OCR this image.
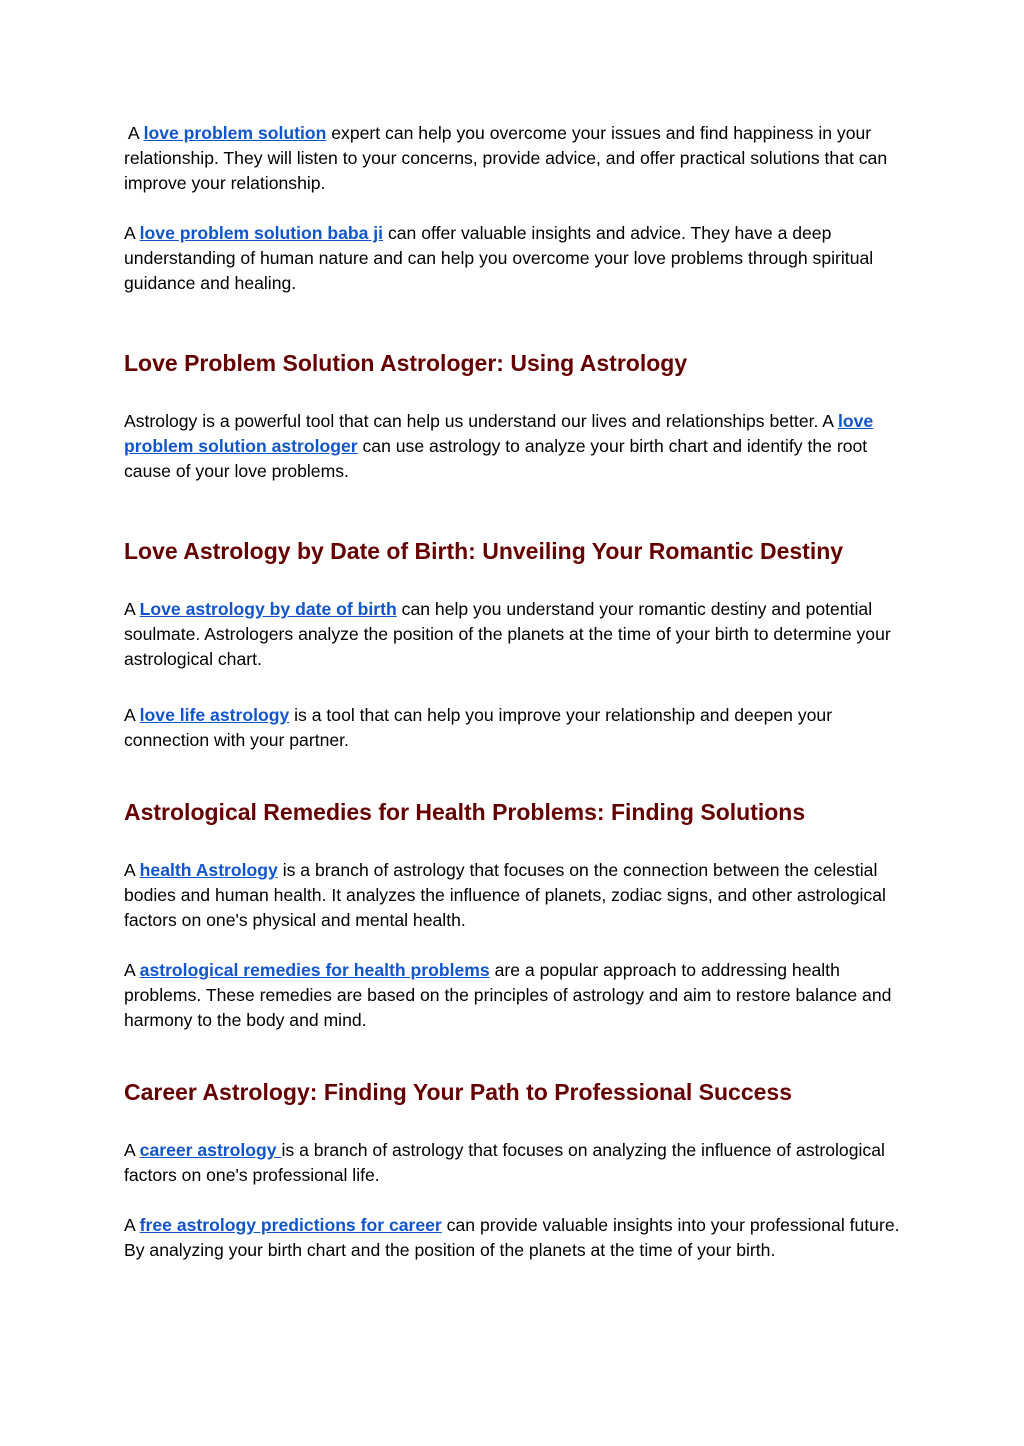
A love problem solution expert can help you overcome your issues and find happiness in your relationship. They will listen to your concerns, provide advice, and offer practical solutions that can improve your relationship.

A love problem solution baba ji can offer valuable insights and advice. They have a deep understanding of human nature and can help you overcome your love problems through spiritual guidance and healing.

Love Problem Solution Astrologer: Using Astrology

Astrology is a powerful tool that can help us understand our lives and relationships better. A love problem solution astrologer can use astrology to analyze your birth chart and identify the root cause of your love problems.

Love Astrology by Date of Birth: Unveiling Your Romantic Destiny

A Love astrology by date of birth can help you understand your romantic destiny and potential soulmate. Astrologers analyze the position of the planets at the time of your birth to determine your astrological chart.

A love life astrology is a tool that can help you improve your relationship and deepen your connection with your partner.

Astrological Remedies for Health Problems: Finding Solutions

A health Astrology is a branch of astrology that focuses on the connection between the celestial bodies and human health. It analyzes the influence of planets, zodiac signs, and other astrological factors on one's physical and mental health.

A astrological remedies for health problems are a popular approach to addressing health problems. These remedies are based on the principles of astrology and aim to restore balance and harmony to the body and mind.

Career Astrology: Finding Your Path to Professional Success

A career astrology is a branch of astrology that focuses on analyzing the influence of astrological factors on one's professional life.

A free astrology predictions for career can provide valuable insights into your professional future. By analyzing your birth chart and the position of the planets at the time of your birth.
